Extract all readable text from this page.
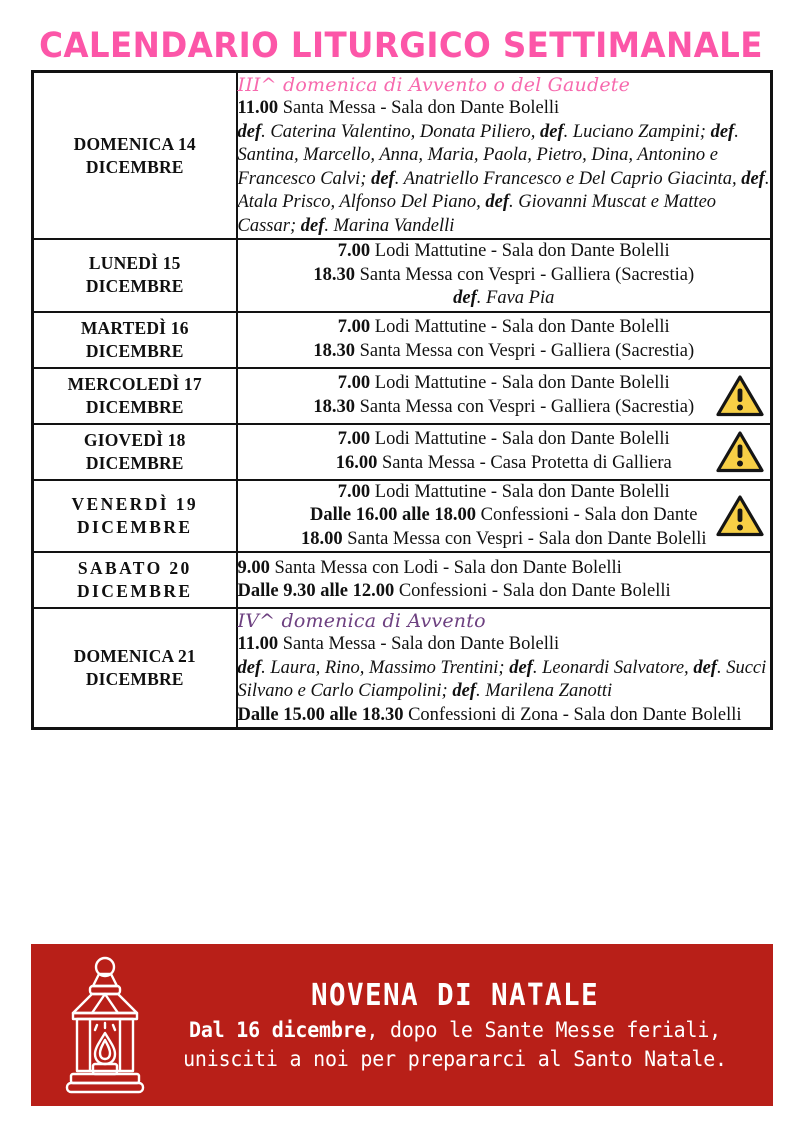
CALENDARIO LITURGICO SETTIMANALE
DOMENICA 14 DICEMBRE	III^ domenica di Avvento o del Gaudete
11.00 Santa Messa - Sala don Dante Bolelli
def. Caterina Valentino, Donata Piliero, def. Luciano Zampini; def. Santina, Marcello, Anna, Maria, Paola, Pietro, Dina, Antonino e Francesco Calvi; def. Anatriello Francesco e Del Caprio Giacinta, def. Atala Prisco, Alfonso Del Piano, def. Giovanni Muscat e Matteo Cassar; def. Marina Vandelli

LUNEDÌ 15 DICEMBRE	7.00 Lodi Mattutine - Sala don Dante Bolelli
18.30 Santa Messa con Vespri - Galliera (Sacrestia)
def. Fava Pia

MARTEDÌ 16 DICEMBRE	7.00 Lodi Mattutine - Sala don Dante Bolelli
18.30 Santa Messa con Vespri - Galliera (Sacrestia)

MERCOLEDÌ 17 DICEMBRE	7.00 Lodi Mattutine - Sala don Dante Bolelli
18.30 Santa Messa con Vespri - Galliera (Sacrestia)

GIOVEDÌ 18 DICEMBRE	7.00 Lodi Mattutine - Sala don Dante Bolelli
16.00 Santa Messa - Casa Protetta di Galliera

VENERDÌ 19 DICEMBRE	7.00 Lodi Mattutine - Sala don Dante Bolelli
Dalle 16.00 alle 18.00 Confessioni - Sala don Dante
18.00 Santa Messa con Vespri - Sala don Dante Bolelli

SABATO 20 DICEMBRE	9.00 Santa Messa con Lodi - Sala don Dante Bolelli
Dalle 9.30 alle 12.00 Confessioni - Sala don Dante Bolelli

DOMENICA 21 DICEMBRE	IV^ domenica di Avvento
11.00 Santa Messa - Sala don Dante Bolelli
def. Laura, Rino, Massimo Trentini; def. Leonardi Salvatore, def. Succi Silvano e Carlo Ciampolini; def. Marilena Zanotti
Dalle 15.00 alle 18.30 Confessioni di Zona - Sala don Dante Bolelli
NOVENA DI NATALE
Dal 16 dicembre, dopo le Sante Messe feriali, unisciti a noi per prepararci al Santo Natale.
